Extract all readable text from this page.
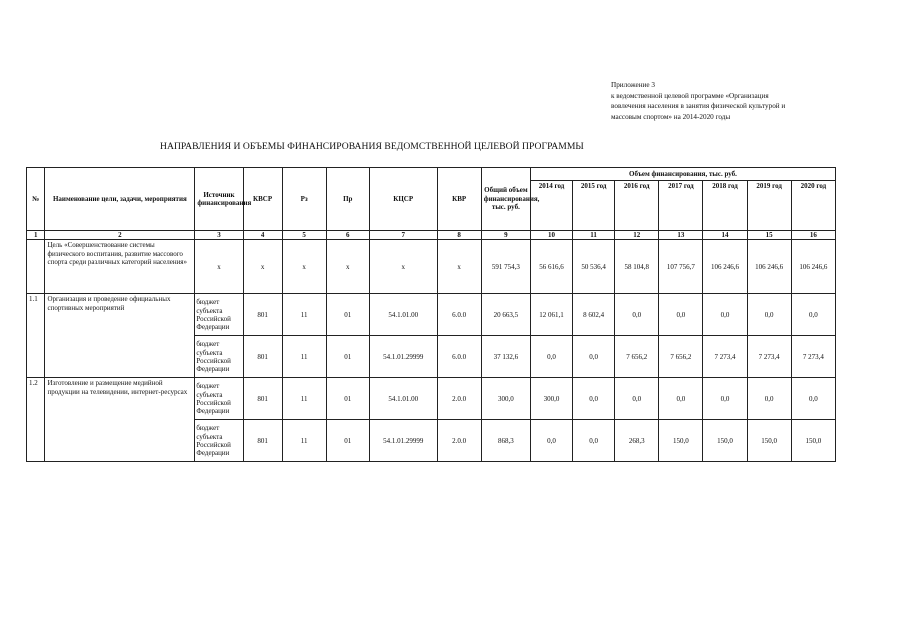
Приложение 3
к ведомственной целевой программе «Организация
вовлечения населения в занятия физической культурой и
массовым спортом» на 2014-2020 годы
НАПРАВЛЕНИЯ И ОБЪЕМЫ ФИНАНСИРОВАНИЯ ВЕДОМСТВЕННОЙ ЦЕЛЕВОЙ ПРОГРАММЫ
№	Наименование цели, задачи, мероприятия	Источник финансирования	КВСР	Рз	Пр	КЦСР	КВР	Общий объем финансирования, тыс. руб.	Объем финансирования, тыс. руб.						
									2014 год	2015 год	2016 год	2017 год	2018 год	2019 год	2020 год
1	2	3	4	5	6	7	8	9	10	11	12	13	14	15	16
	Цель «Совершенствование системы физического воспитания, развитие массового спорта среди различных категорий населения»	х	х	х	х	х	х	591 754,3	56 616,6	50 536,4	58 104,8	107 756,7	106 246,6	106 246,6	106 246,6
1.1	Организация и проведение официальных спортивных мероприятий	бюджет субъекта Российской Федерации	801	11	01	54.1.01.00	6.0.0	20 663,5	12 061,1	8 602,4	0,0	0,0	0,0	0,0	0,0
		бюджет субъекта Российской Федерации	801	11	01	54.1.01.29999	6.0.0	37 132,6	0,0	0,0	7 656,2	7 656,2	7 273,4	7 273,4	7 273,4
1.2	Изготовление и размещение медийной продукции на телевидении, интернет-ресурсах	бюджет субъекта Российской Федерации	801	11	01	54.1.01.00	2.0.0	300,0	300,0	0,0	0,0	0,0	0,0	0,0	0,0
		бюджет субъекта Российской Федерации	801	11	01	54.1.01.29999	2.0.0	868,3	0,0	0,0	268,3	150,0	150,0	150,0	150,0
